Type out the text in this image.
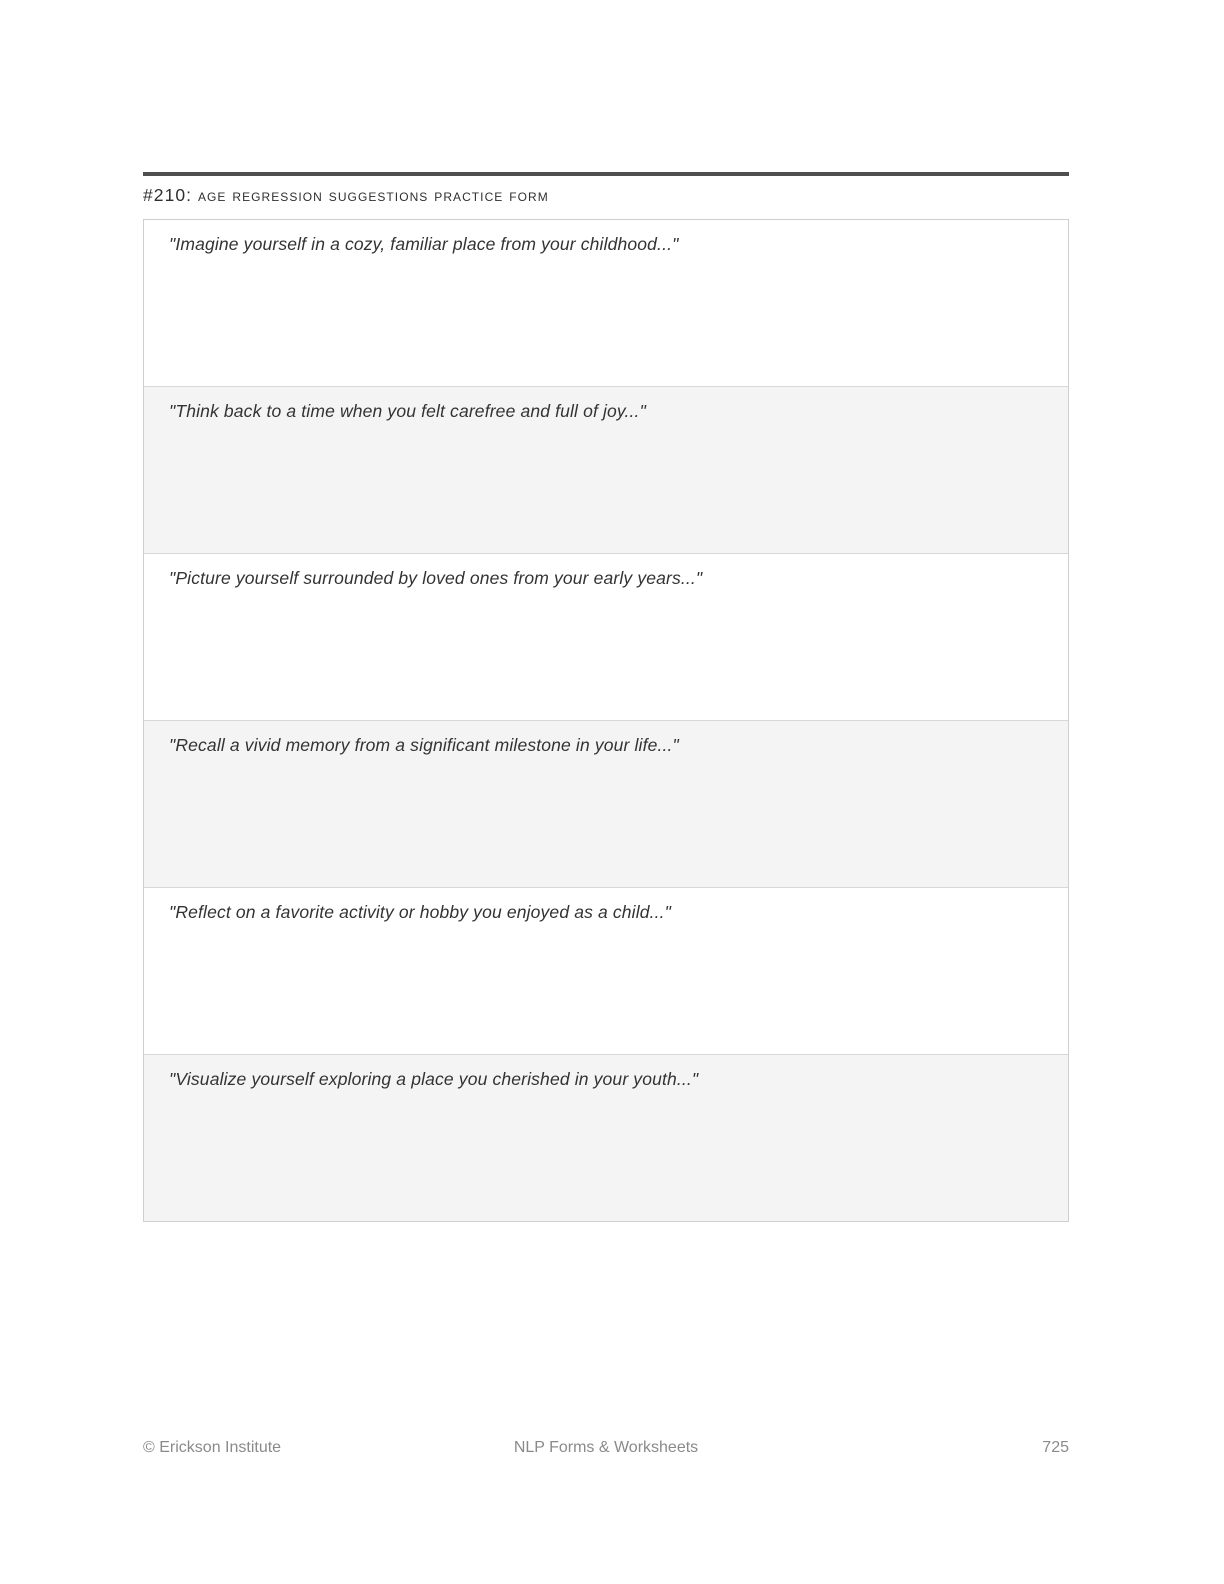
#210: age regression suggestions practice form
"Imagine yourself in a cozy, familiar place from your childhood..."
"Think back to a time when you felt carefree and full of joy..."
"Picture yourself surrounded by loved ones from your early years..."
"Recall a vivid memory from a significant milestone in your life..."
"Reflect on a favorite activity or hobby you enjoyed as a child..."
"Visualize yourself exploring a place you cherished in your youth..."
© Erickson Institute	NLP Forms & Worksheets	725
